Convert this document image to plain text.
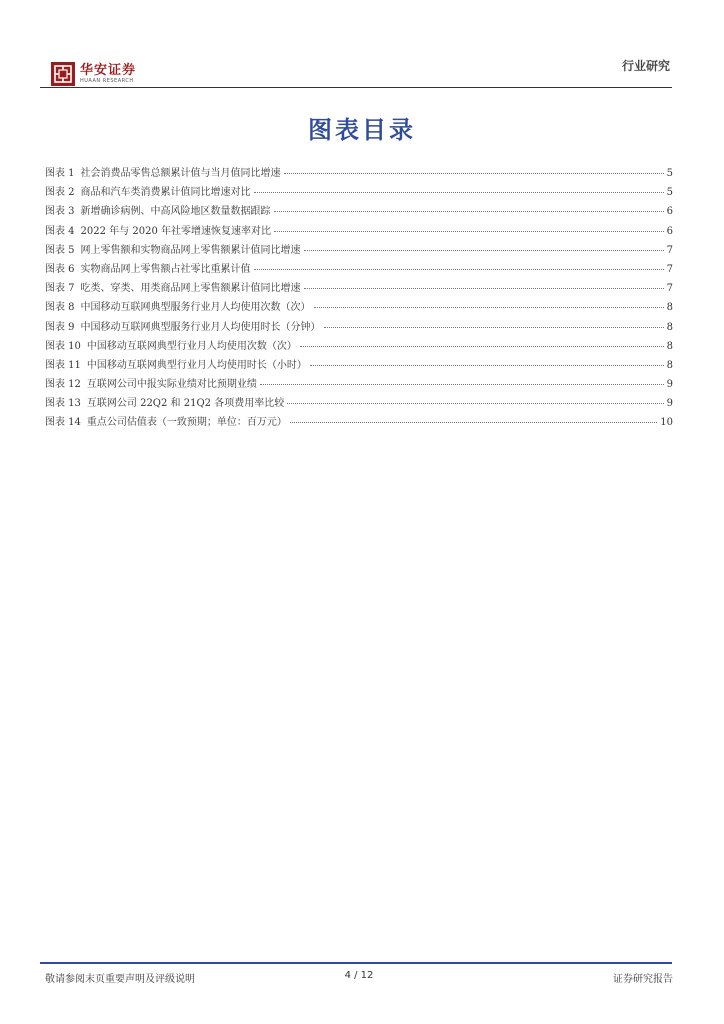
华安证券
HUAAN RESEARCH
行业研究
图表目录
图表 1 社会消费品零售总额累计值与当月值同比增速	5
图表 2 商品和汽车类消费累计值同比增速对比	5
图表 3 新增确诊病例、中高风险地区数量数据跟踪	6
图表 4 2022 年与 2020 年社零增速恢复速率对比	6
图表 5 网上零售额和实物商品网上零售额累计值同比增速	7
图表 6 实物商品网上零售额占社零比重累计值	7
图表 7 吃类、穿类、用类商品网上零售额累计值同比增速	7
图表 8 中国移动互联网典型服务行业月人均使用次数（次）	8
图表 9 中国移动互联网典型服务行业月人均使用时长（分钟）	8
图表 10 中国移动互联网典型行业月人均使用次数（次）	8
图表 11 中国移动互联网典型行业月人均使用时长（小时）	8
图表 12 互联网公司中报实际业绩对比预期业绩	9
图表 13 互联网公司 22Q2 和 21Q2 各项费用率比较	9
图表 14 重点公司估值表（一致预期；单位：百万元）	10
敬请参阅末页重要声明及评级说明	4 / 12	证券研究报告
